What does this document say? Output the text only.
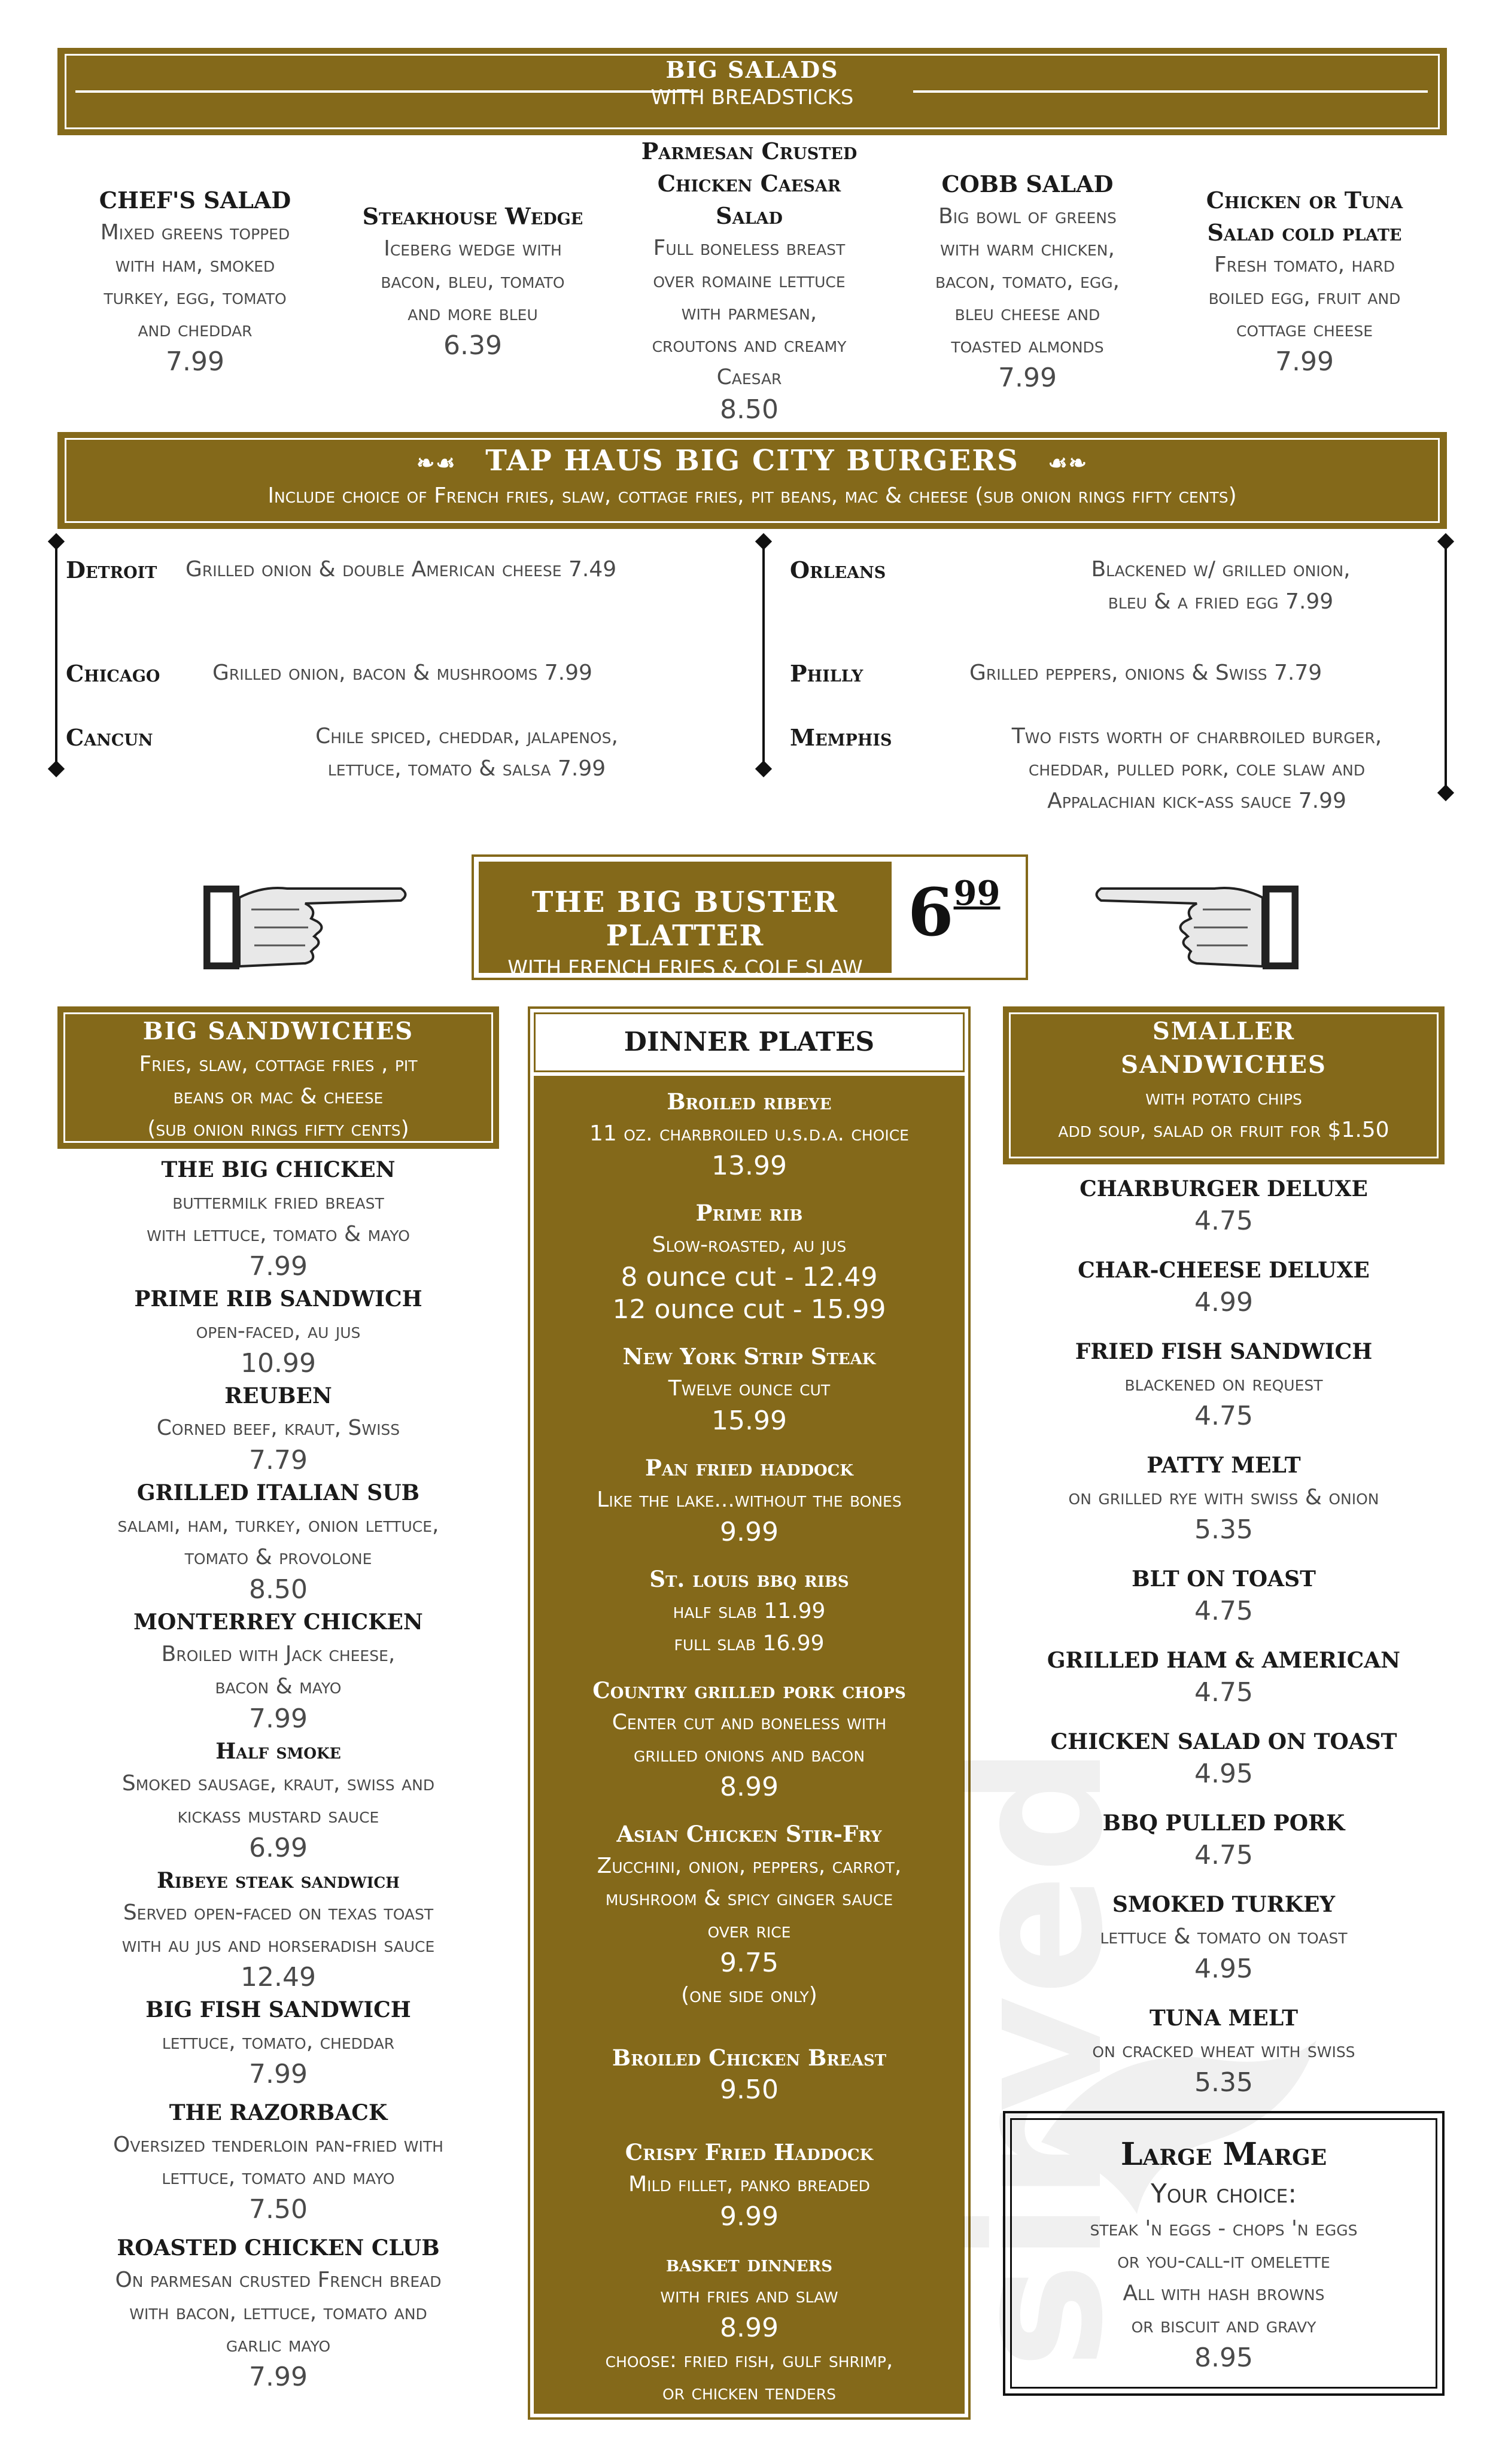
BIG SALADS
WITH BREADSTICKS
CHEF'S SALAD
Mixed greens topped
with ham, smoked
turkey, egg, tomato
and cheddar
7.99
Steakhouse Wedge
Iceberg wedge with
bacon, bleu, tomato
and more bleu
6.39
Parmesan Crusted
Chicken Caesar
Salad
Full boneless breast
over romaine lettuce
with parmesan,
croutons and creamy
Caesar
8.50
COBB SALAD
Big bowl of greens
with warm chicken,
bacon, tomato, egg,
bleu cheese and
toasted almonds
7.99
Chicken or Tuna
Salad cold plate
Fresh tomato, hard
boiled egg, fruit and
cottage cheese
7.99
❧☙ TAP HAUS BIG CITY BURGERS ☙❧
Include choice of French fries, slaw, cottage fries, pit beans, mac & cheese (sub onion rings fifty cents)
Detroit Grilled onion & double American cheese 7.49
Chicago Grilled onion, bacon & mushrooms 7.99
Cancun	Chile spiced, cheddar, jalapenos,
lettuce, tomato & salsa 7.99
Orleans	Blackened w/ grilled onion,
bleu & a fried egg 7.99
Philly	Grilled peppers, onions & Swiss 7.79
Memphis	Two fists worth of charbroiled burger,
cheddar, pulled pork, cole slaw and
Appalachian kick-ass sauce 7.99
THE BIG BUSTER PLATTER
WITH FRENCH FRIES & COLE SLAW
699
BIG SANDWICHES
Fries, slaw, cottage fries , pit
beans or mac & cheese
(sub onion rings fifty cents)
THE BIG CHICKEN
buttermilk fried breast
with lettuce, tomato & mayo
7.99
PRIME RIB SANDWICH
open-faced, au jus
10.99
REUBEN
Corned beef, kraut, Swiss
7.79
GRILLED ITALIAN SUB
salami, ham, turkey, onion lettuce,
tomato & provolone
8.50
MONTERREY CHICKEN
Broiled with Jack cheese,
bacon & mayo
7.99
Half smoke
Smoked sausage, kraut, swiss and
kickass mustard sauce
6.99
Ribeye steak sandwich
Served open-faced on texas toast
with au jus and horseradish sauce
12.49
BIG FISH SANDWICH
lettuce, tomato, cheddar
7.99
THE RAZORBACK
Oversized tenderloin pan-fried with
lettuce, tomato and mayo
7.50
ROASTED CHICKEN CLUB
On parmesan crusted French bread
with bacon, lettuce, tomato and
garlic mayo
7.99
DINNER PLATES
Broiled ribeye
11 oz. charbroiled u.s.d.a. choice
13.99
Prime rib
Slow-roasted, au jus
8 ounce cut - 12.49
12 ounce cut - 15.99
New York Strip Steak
Twelve ounce cut
15.99
Pan fried haddock
Like the lake...without the bones
9.99
St. louis bbq ribs
half slab 11.99
full slab 16.99
Country grilled pork chops
Center cut and boneless with
grilled onions and bacon
8.99
Asian Chicken Stir-Fry
Zucchini, onion, peppers, carrot,
mushroom & spicy ginger sauce
over rice
9.75
(one side only)
Broiled Chicken Breast
9.50
Crispy Fried Haddock
Mild fillet, panko breaded
9.99
basket dinners
with fries and slaw
8.99
choose: fried fish, gulf shrimp,
or chicken tenders
SMALLER
SANDWICHES
with potato chips
add soup, salad or fruit for $1.50
CHARBURGER DELUXE
4.75
CHAR-CHEESE DELUXE
4.99
FRIED FISH SANDWICH
blackened on request
4.75
PATTY MELT
on grilled rye with swiss & onion
5.35
BLT ON TOAST
4.75
GRILLED HAM & AMERICAN
4.75
CHICKEN SALAD ON TOAST
4.95
BBQ PULLED PORK
4.75
SMOKED TURKEY
lettuce & tomato on toast
4.95
TUNA MELT
on cracked wheat with swiss
5.35
Large Marge
Your choice:
steak 'n eggs - chops 'n eggs
or you-call-it omelette
All with hash browns
or biscuit and gravy
8.95
sirved
